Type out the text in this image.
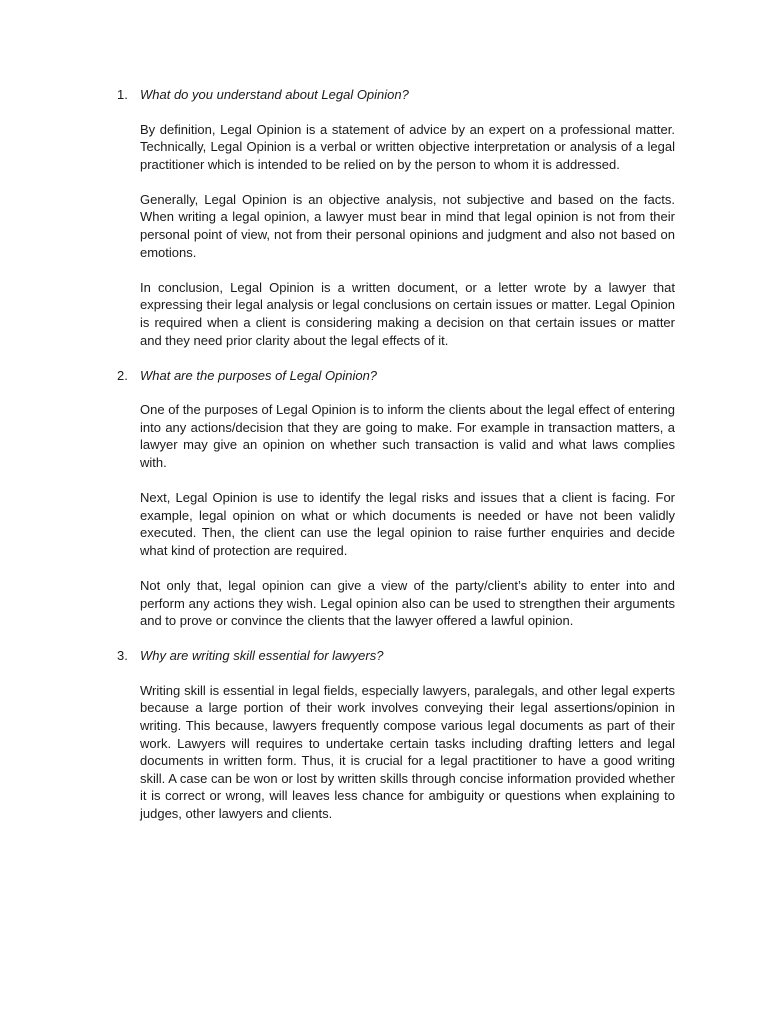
1. What do you understand about Legal Opinion?

By definition, Legal Opinion is a statement of advice by an expert on a professional matter. Technically, Legal Opinion is a verbal or written objective interpretation or analysis of a legal practitioner which is intended to be relied on by the person to whom it is addressed.

Generally, Legal Opinion is an objective analysis, not subjective and based on the facts. When writing a legal opinion, a lawyer must bear in mind that legal opinion is not from their personal point of view, not from their personal opinions and judgment and also not based on emotions.

In conclusion, Legal Opinion is a written document, or a letter wrote by a lawyer that expressing their legal analysis or legal conclusions on certain issues or matter. Legal Opinion is required when a client is considering making a decision on that certain issues or matter and they need prior clarity about the legal effects of it.

2. What are the purposes of Legal Opinion?

One of the purposes of Legal Opinion is to inform the clients about the legal effect of entering into any actions/decision that they are going to make. For example in transaction matters, a lawyer may give an opinion on whether such transaction is valid and what laws complies with.

Next, Legal Opinion is use to identify the legal risks and issues that a client is facing. For example, legal opinion on what or which documents is needed or have not been validly executed. Then, the client can use the legal opinion to raise further enquiries and decide what kind of protection are required.

Not only that, legal opinion can give a view of the party/client’s ability to enter into and perform any actions they wish. Legal opinion also can be used to strengthen their arguments and to prove or convince the clients that the lawyer offered a lawful opinion.

3. Why are writing skill essential for lawyers?

Writing skill is essential in legal fields, especially lawyers, paralegals, and other legal experts because a large portion of their work involves conveying their legal assertions/opinion in writing. This because, lawyers frequently compose various legal documents as part of their work. Lawyers will requires to undertake certain tasks including drafting letters and legal documents in written form. Thus, it is crucial for a legal practitioner to have a good writing skill. A case can be won or lost by written skills through concise information provided whether it is correct or wrong, will leaves less chance for ambiguity or questions when explaining to judges, other lawyers and clients.
